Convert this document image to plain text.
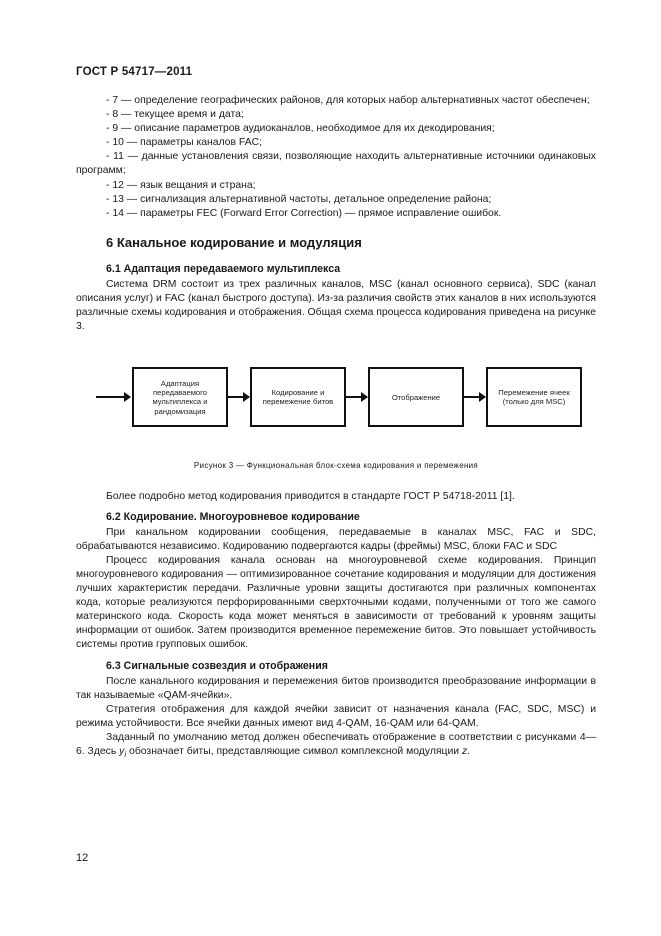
ГОСТ Р 54717—2011

- 7 — определение географических районов, для которых набор альтернативных частот обеспечен;

- 8 — текущее время и дата;

- 9 — описание параметров аудиоканалов, необходимое для их декодирования;

- 10 — параметры каналов FAC;

- 11 — данные установления связи, позволяющие находить альтернативные источники одинаковых программ;

- 12 — язык вещания и страна;

- 13 — сигнализация альтернативной частоты, детальное определение района;

- 14 — параметры FEC (Forward Error Correction) — прямое исправление ошибок.

6 Канальное кодирование и модуляция
6.1 Адаптация передаваемого мультиплекса

Система DRM состоит из трех различных каналов, MSC (канал основного сервиса), SDC (канал описания услуг) и FAC (канал быстрого доступа). Из-за различия свойств этих каналов в них используются различные схемы кодирования и отображения. Общая схема процесса кодирования приведена на рисунке 3.

Адаптация передаваемого мультиплекса и рандомизация
Кодирование и перемежение битов
Отображение
Перемежение ячеек (только для MSC)
Рисунок 3 — Функциональная блок-схема кодирования и перемежения

Более подробно метод кодирования приводится в стандарте ГОСТ Р 54718-2011 [1].

6.2 Кодирование. Многоуровневое кодирование

При канальном кодировании сообщения, передаваемые в каналах MSC, FAC и SDC, обрабатываются независимо. Кодированию подвергаются кадры (фреймы) MSC, блоки FAC и SDC

Процесс кодирования канала основан на многоуровневой схеме кодирования. Принцип многоуровневого кодирования — оптимизированное сочетание кодирования и модуляции для достижения лучших характеристик передачи. Различные уровни защиты достигаются при различных компонентах кода, которые реализуются перфорированными сверхточными кодами, полученными от того же самого материнского кода. Скорость кода может меняться в зависимости от требований к уровням защиты информации от ошибок. Затем производится временное перемежение битов. Это повышает устойчивость системы против групповых ошибок.

6.3 Сигнальные созвездия и отображения

После канального кодирования и перемежения битов производится преобразование информации в так называемые «QAM-ячейки».

Стратегия отображения для каждой ячейки зависит от назначения канала (FAC, SDC, MSC) и режима устойчивости. Все ячейки данных имеют вид 4-QAM, 16-QAM или 64-QAM.

Заданный по умолчанию метод должен обеспечивать отображение в соответствии с рисунками 4—6. Здесь $y_i$ обозначает биты, представляющие символ комплексной модуляции z.

12
